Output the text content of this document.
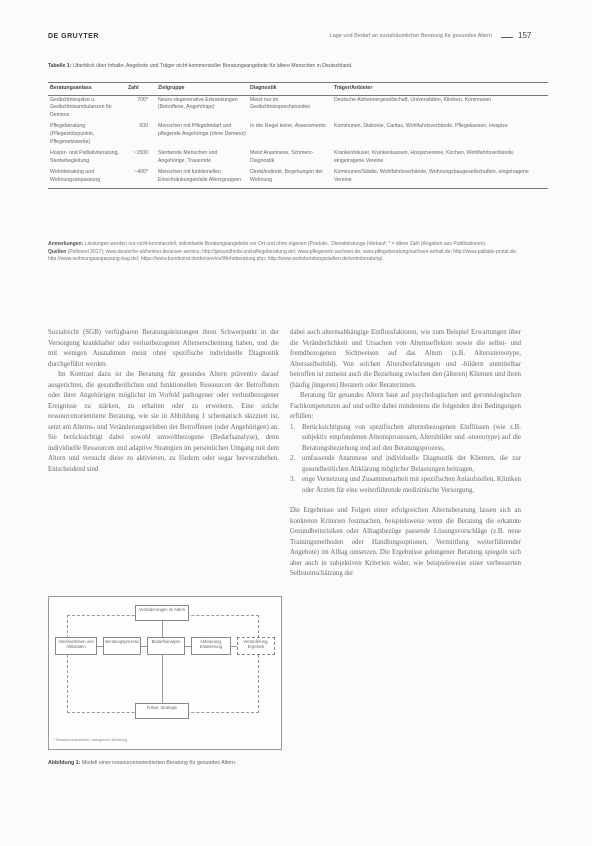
DE GRUYTER	Lage und Bedarf an sozialräumlicher Beratung für gesundes Altern	157
Tabelle 1: Überblick über Inhalte, Angebote und Träger nicht-kommerzieller Beratungsangebote für ältere Menschen in Deutschland.
Beratungsanlass	Zahl	Zielgruppe	Diagnostik	Träger/Anbieter
Gedächtnisspitze u. Gedächtnisambulanzen für Demenz	700*	Neuro-degenerative Erkrankungen (Betroffene, Angehörige)	Meist nur im Gedächtnissprechstunden	Deutsche Alzheimergesellschaft, Universitäten, Kliniken, Kommunen
Pflegeberatung (Pflegestützpunkte, Pflegenetzwerke)	500	Menschen mit Pflegebedarf und pflegende Angehörige (ohne Demenz)	In der Regel keine, Assessments	Kommunen, Diakonie, Caritas, Wohlfahrtsverbände, Pflegekassen, Hospize
Hospiz- und Palliativberatung, Sterbebegleitung	~1500	Sterbende Menschen und Angehörige, Trauernde	Meist Anamnese, Schmerz-Diagnostik	Krankenhäuser, Krankenkassen, Hospizvereine, Kirchen, Wohlfahrtsverbände, eingetragene Vereine
Wohnberatung und Wohnungsanpassung	~400*	Menschen mit funktionellen Einschränkungen/alle Altersgruppen	Direkt/indirekt, Begehungen der Wohnung	Kommunen/Städte, Wohlfahrtsverbände, Wohnungsbaugesellschaften, eingetragene Vereine
Anmerkungen: Leistungen werden nur nicht-kommerziell, individuelle Beratungsangebote vor Ort und ohne eigenen (Produkt-, Dienstleistungs-)Verkauf; * = ältere Zahl (Angaben aus Publikationen).
Quellen (Pelloneri 2017); www.deutsche-alzheimer.de/unser-service; http://gesundheits-und-pflegeberatung.de/; www.pflegenetz-sachsen.de; www.pflegeberatung/sachsen-anhalt.de; http://www.palliativ-portal.de; http://www.wohnungsanpassung-bag.de/; https://www.bundesrat.de/de/service/Wohnberatung.php; http://www.wohnberatungsstellen.de/wohnberatung/.

Sozialrecht (SGB) verfügbaren Beratungsleistungen ihren Schwerpunkt in der Versorgung krankhafter oder verlustbezogener Alterserscheinung haben, und die mit wenigen Ausnahmen meist ohne spezifische individuelle Diagnostik durchgeführt werden.

Im Kontrast dazu ist die Beratung für gesundes Altern präventiv darauf ausgerichtet, die gesundheitlichen und funktionellen Ressourcen der Betroffenen oder ihrer Angehörigen möglichst im Vorfeld pathogener oder verlustbezogener Ereignisse zu stärken, zu erhalten oder zu erweitern. Eine solche ressourcenorientierte Beratung, wie sie in Abbildung 1 schematisch skizziert ist, setzt am Alterns- und Veränderungserleben der Betroffenen (oder Angehörigen) an. Sie berücksichtigt dabei sowohl umweltbezogene (Bedarfsanalyse), denn individuelle Ressourcen und adaptive Strategien im persönlichen Umgang mit dem Altern und versucht diese zu aktivieren, zu fördern oder sogar hervorzuheben. Entscheidend sind

dabei auch alternsabhängige Einflussfaktoren, wie zum Beispiel Erwartungen über die Veränderlichkeit und Ursachen von Alternseffekten sowie die selbst- und fremdbezogenen Sichtweisen auf das Altern (z.B. Altersstereotype, Altersselbstbild). Von solchen Altersbezfahrungen und -bildern unmittelbar betroffen ist zumeist auch die Beziehung zwischen den (älteren) Klienten und ihren (häufig jüngeren) Beratern oder Beraterinnen.

Beratung für gesundes Altern baut auf psychologischen und gerontologischen Fachkompetenzen auf und sollte dabei mindestens die folgenden drei Bedingungen erfüllen:

1. Berücksichtigung von spezifischen alternsbezogenen Einflüssen (wie z.B. subjektiv empfundenen Alternsprozessen, Altersbilder und -stereotype) auf die Beratungsbeziehung und auf den Beratungsprozess,
2. umfassende Anamnese und individuelle Diagnostik der Klienten, die zur gesundheitlichen Abklärung möglicher Belastungen beitragen,
3. enge Vernetzung und Zusammenarbeit mit spezifischen Anlaufstellen, Kliniken oder Ärzten für eine weiterführende medizinische Versorgung.

Die Ergebnisse und Folgen einer erfolgreichen Alternsberatung lassen sich an konkreten Kriterien festmachen, beispielsweise wenn die Beratung die erkannte Gesundheitsrisiken oder Alltagsbezüge passende Lösungsvorschläge (z.B. neue Trainingsmethoden oder Handlungsoptionen, Vermittlung weiterführender Angebote) im Alltag umsetzen. Die Ergebnisse gelungener Beratung spiegeln sich aber auch in subjektiven Kriterien wider, wie beispielsweise einer verbesserten Selbsteinschätzung der

Veränderungen im Altern
Alternserleben und Aktivitäten
Beratungsprozess	Bedarfsanalyse	Aktivierung, Erweiterung
Veränderung, Ergebnis
Fokus, Strategie
* Ressourcenbasierte, dialogische Beratung
Abbildung 1: Modell einer ressourcenorientierten Beratung für gesundes Altern.
